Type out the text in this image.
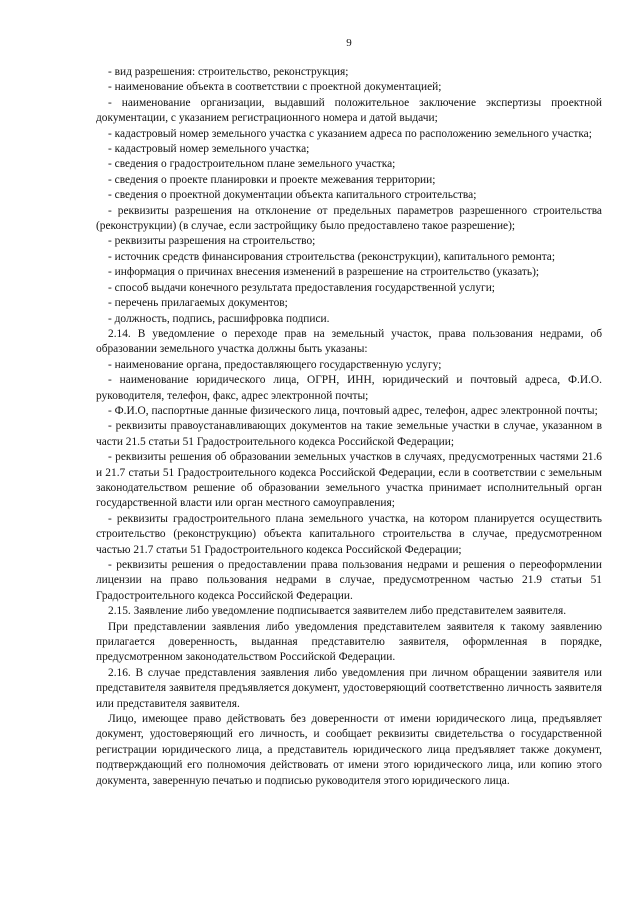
9

- вид разрешения: строительство, реконструкция;

- наименование объекта в соответствии с проектной документацией;

- наименование организации, выдавший положительное заключение экспертизы проектной документации, с указанием регистрационного номера и датой выдачи;

- кадастровый номер земельного участка с указанием адреса по расположению земельного участка;

- кадастровый номер земельного участка;

- сведения о градостроительном плане земельного участка;

- сведения о проекте планировки и проекте межевания территории;

- сведения о проектной документации объекта капитального строительства;

- реквизиты разрешения на отклонение от предельных параметров разрешенного строительства (реконструкции) (в случае, если застройщику было предоставлено такое разрешение);

- реквизиты разрешения на строительство;

- источник средств финансирования строительства (реконструкции), капитального ремонта;

- информация о причинах внесения изменений в разрешение на строительство (указать);

- способ выдачи конечного результата предоставления государственной услуги;

- перечень прилагаемых документов;

- должность, подпись, расшифровка подписи.

2.14. В уведомление о переходе прав на земельный участок, права пользования недрами, об образовании земельного участка должны быть указаны:

- наименование органа, предоставляющего государственную услугу;

- наименование юридического лица, ОГРН, ИНН, юридический и почтовый адреса, Ф.И.О. руководителя, телефон, факс, адрес электронной почты;

- Ф.И.О, паспортные данные физического лица, почтовый адрес, телефон, адрес электронной почты;

- реквизиты правоустанавливающих документов на такие земельные участки в случае, указанном в части 21.5 статьи 51 Градостроительного кодекса Российской Федерации;

- реквизиты решения об образовании земельных участков в случаях, предусмотренных частями 21.6 и 21.7 статьи 51 Градостроительного кодекса Российской Федерации, если в соответствии с земельным законодательством решение об образовании земельного участка принимает исполнительный орган государственной власти или орган местного самоуправления;

- реквизиты градостроительного плана земельного участка, на котором планируется осуществить строительство (реконструкцию) объекта капитального строительства в случае, предусмотренном частью 21.7 статьи 51 Градостроительного кодекса Российской Федерации;

- реквизиты решения о предоставлении права пользования недрами и решения о переоформлении лицензии на право пользования недрами в случае, предусмотренном частью 21.9 статьи 51 Градостроительного кодекса Российской Федерации.

2.15. Заявление либо уведомление подписывается заявителем либо представителем заявителя.

При представлении заявления либо уведомления представителем заявителя к такому заявлению прилагается доверенность, выданная представителю заявителя, оформленная в порядке, предусмотренном законодательством Российской Федерации.

2.16. В случае представления заявления либо уведомления при личном обращении заявителя или представителя заявителя предъявляется документ, удостоверяющий соответственно личность заявителя или представителя заявителя.

Лицо, имеющее право действовать без доверенности от имени юридического лица, предъявляет документ, удостоверяющий его личность, и сообщает реквизиты свидетельства о государственной регистрации юридического лица, а представитель юридического лица предъявляет также документ, подтверждающий его полномочия действовать от имени этого юридического лица, или копию этого документа, заверенную печатью и подписью руководителя этого юридического лица.
